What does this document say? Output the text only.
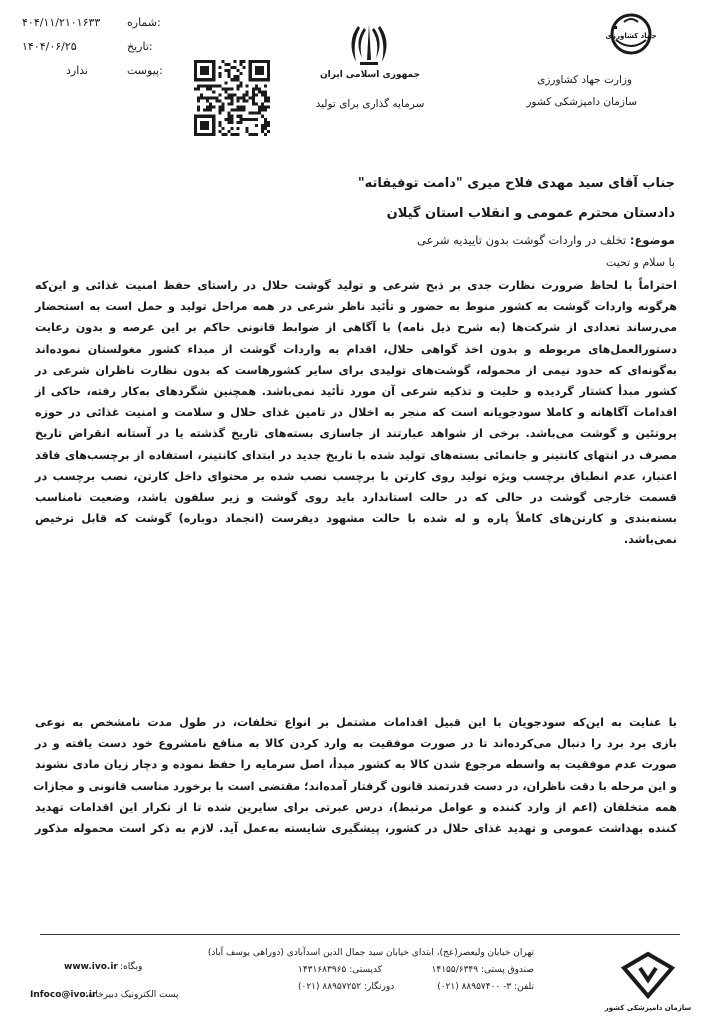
جهاد کشاورزی
وزارت جهاد کشاورزی
سازمان دامپزشکی کشور
جمهوری اسلامی ایران
سرمایه گذاری برای تولید
شماره:
۴۰۴/۱۱/۲۱۰۱۶۳۳
تاریخ:
۱۴۰۴/۰۶/۲۵
پیوست:
ندارد
جناب آقای سید مهدی فلاح میری "دامت توفیقاته"
دادستان محترم عمومی و انقلاب استان گیلان
موضوع: تخلف در واردات گوشت بدون تاییدیه شرعی
با سلام و تحیت
احتراماً با لحاظ ضرورت نظارت جدی بر ذبح شرعی و تولید گوشت حلال در راستای حفظ امنیت غذائی و این‌که
هرگونه واردات گوشت به کشور منوط به حضور و تأئید ناظر شرعی در همه مراحل تولید و حمل است به استحضار
می‌رساند تعدادی از شرکت‌ها (به شرح ذیل نامه) با آگاهی از ضوابط قانونی حاکم بر این عرصه و بدون رعایت
دستورالعمل‌های مربوطه و بدون اخذ گواهی حلال، اقدام به واردات گوشت از مبداء کشور مغولستان نموده‌اند
به‌گونه‌ای که حدود نیمی از محموله، گوشت‌های تولیدی برای سایر کشورهاست که بدون نظارت ناظران شرعی در
کشور مبدأ کشتار گردیده و حلیت و تذکیه شرعی آن مورد تأئید نمی‌باشد. همچنین شگردهای به‌کار رفته، حاکی از
اقدامات آگاهانه و کاملا سودجویانه است که منجر به اخلال در تامین غذای حلال و سلامت و امنیت غذائی در حوزه
پروتئین و گوشت می‌باشد. برخی از شواهد عبارتند از جاسازی بسته‌های تاریخ گذشته یا در آستانه انقراض تاریخ
مصرف در انتهای کانتینر و جانمائی بسته‌های تولید شده با تاریخ جدید در ابتدای کانتینر، استفاده از برچسب‌های فاقد
اعتبار، عدم انطباق برچسب ویژه تولید روی کارتن با برچسب نصب شده بر محتوای داخل کارتن، نصب برچسب در
قسمت خارجی گوشت در حالی که در حالت استاندارد باید روی گوشت و زیر سلفون باشد، وضعیت نامناسب
بسته‌بندی و کارتن‌های کاملاً پاره و له شده با حالت مشهود دیفرست (انجماد دوباره) گوشت که قابل ترخیص
نمی‌باشد.
با عنایت به این‌که سودجویان با این قبیل اقدامات مشتمل بر انواع تخلفات، در طول مدت نامشخص به نوعی
بازی برد برد را دنبال می‌کرده‌اند تا در صورت موفقیت به وارد کردن کالا به منافع نامشروع خود دست یافته و در
صورت عدم موفقیت به واسطه مرجوع شدن کالا به کشور مبدأ، اصل سرمایه را حفظ نموده و دچار زیان مادی نشوند
و این مرحله با دقت ناظران، در دست قدرتمند قانون گرفتار آمده‌اند؛ مقتضی است با برخورد مناسب قانونی و مجازات
همه متخلفان (اعم از وارد کننده و عوامل مرتبط)، درس عبرتی برای سایرین شده تا از تکرار این اقدامات تهدید
کننده بهداشت عمومی و تهدید غذای حلال در کشور، پیشگیری شایسته به‌عمل آید. لازم به ذکر است محموله مذکور
تهران خیابان ولیعصر(عج)، ابتدای خیابان سید جمال الدین اسدآبادی (دوراهی یوسف آباد)
صندوق پستی: ۱۴۱۵۵/۶۳۴۹
کدپستی: ۱۴۳۱۶۸۳۹۶۵
تلفن: ۳- ۸۸۹۵۷۴۰۰ (۰۲۱)
دورنگار: ۸۸۹۵۷۲۵۲ (۰۲۱)
وبگاه:
www.ivo.ir
پست الکترونیک دبیرخانه:
Infoco@ivo.ir
سازمان دامپزشکی کشور
